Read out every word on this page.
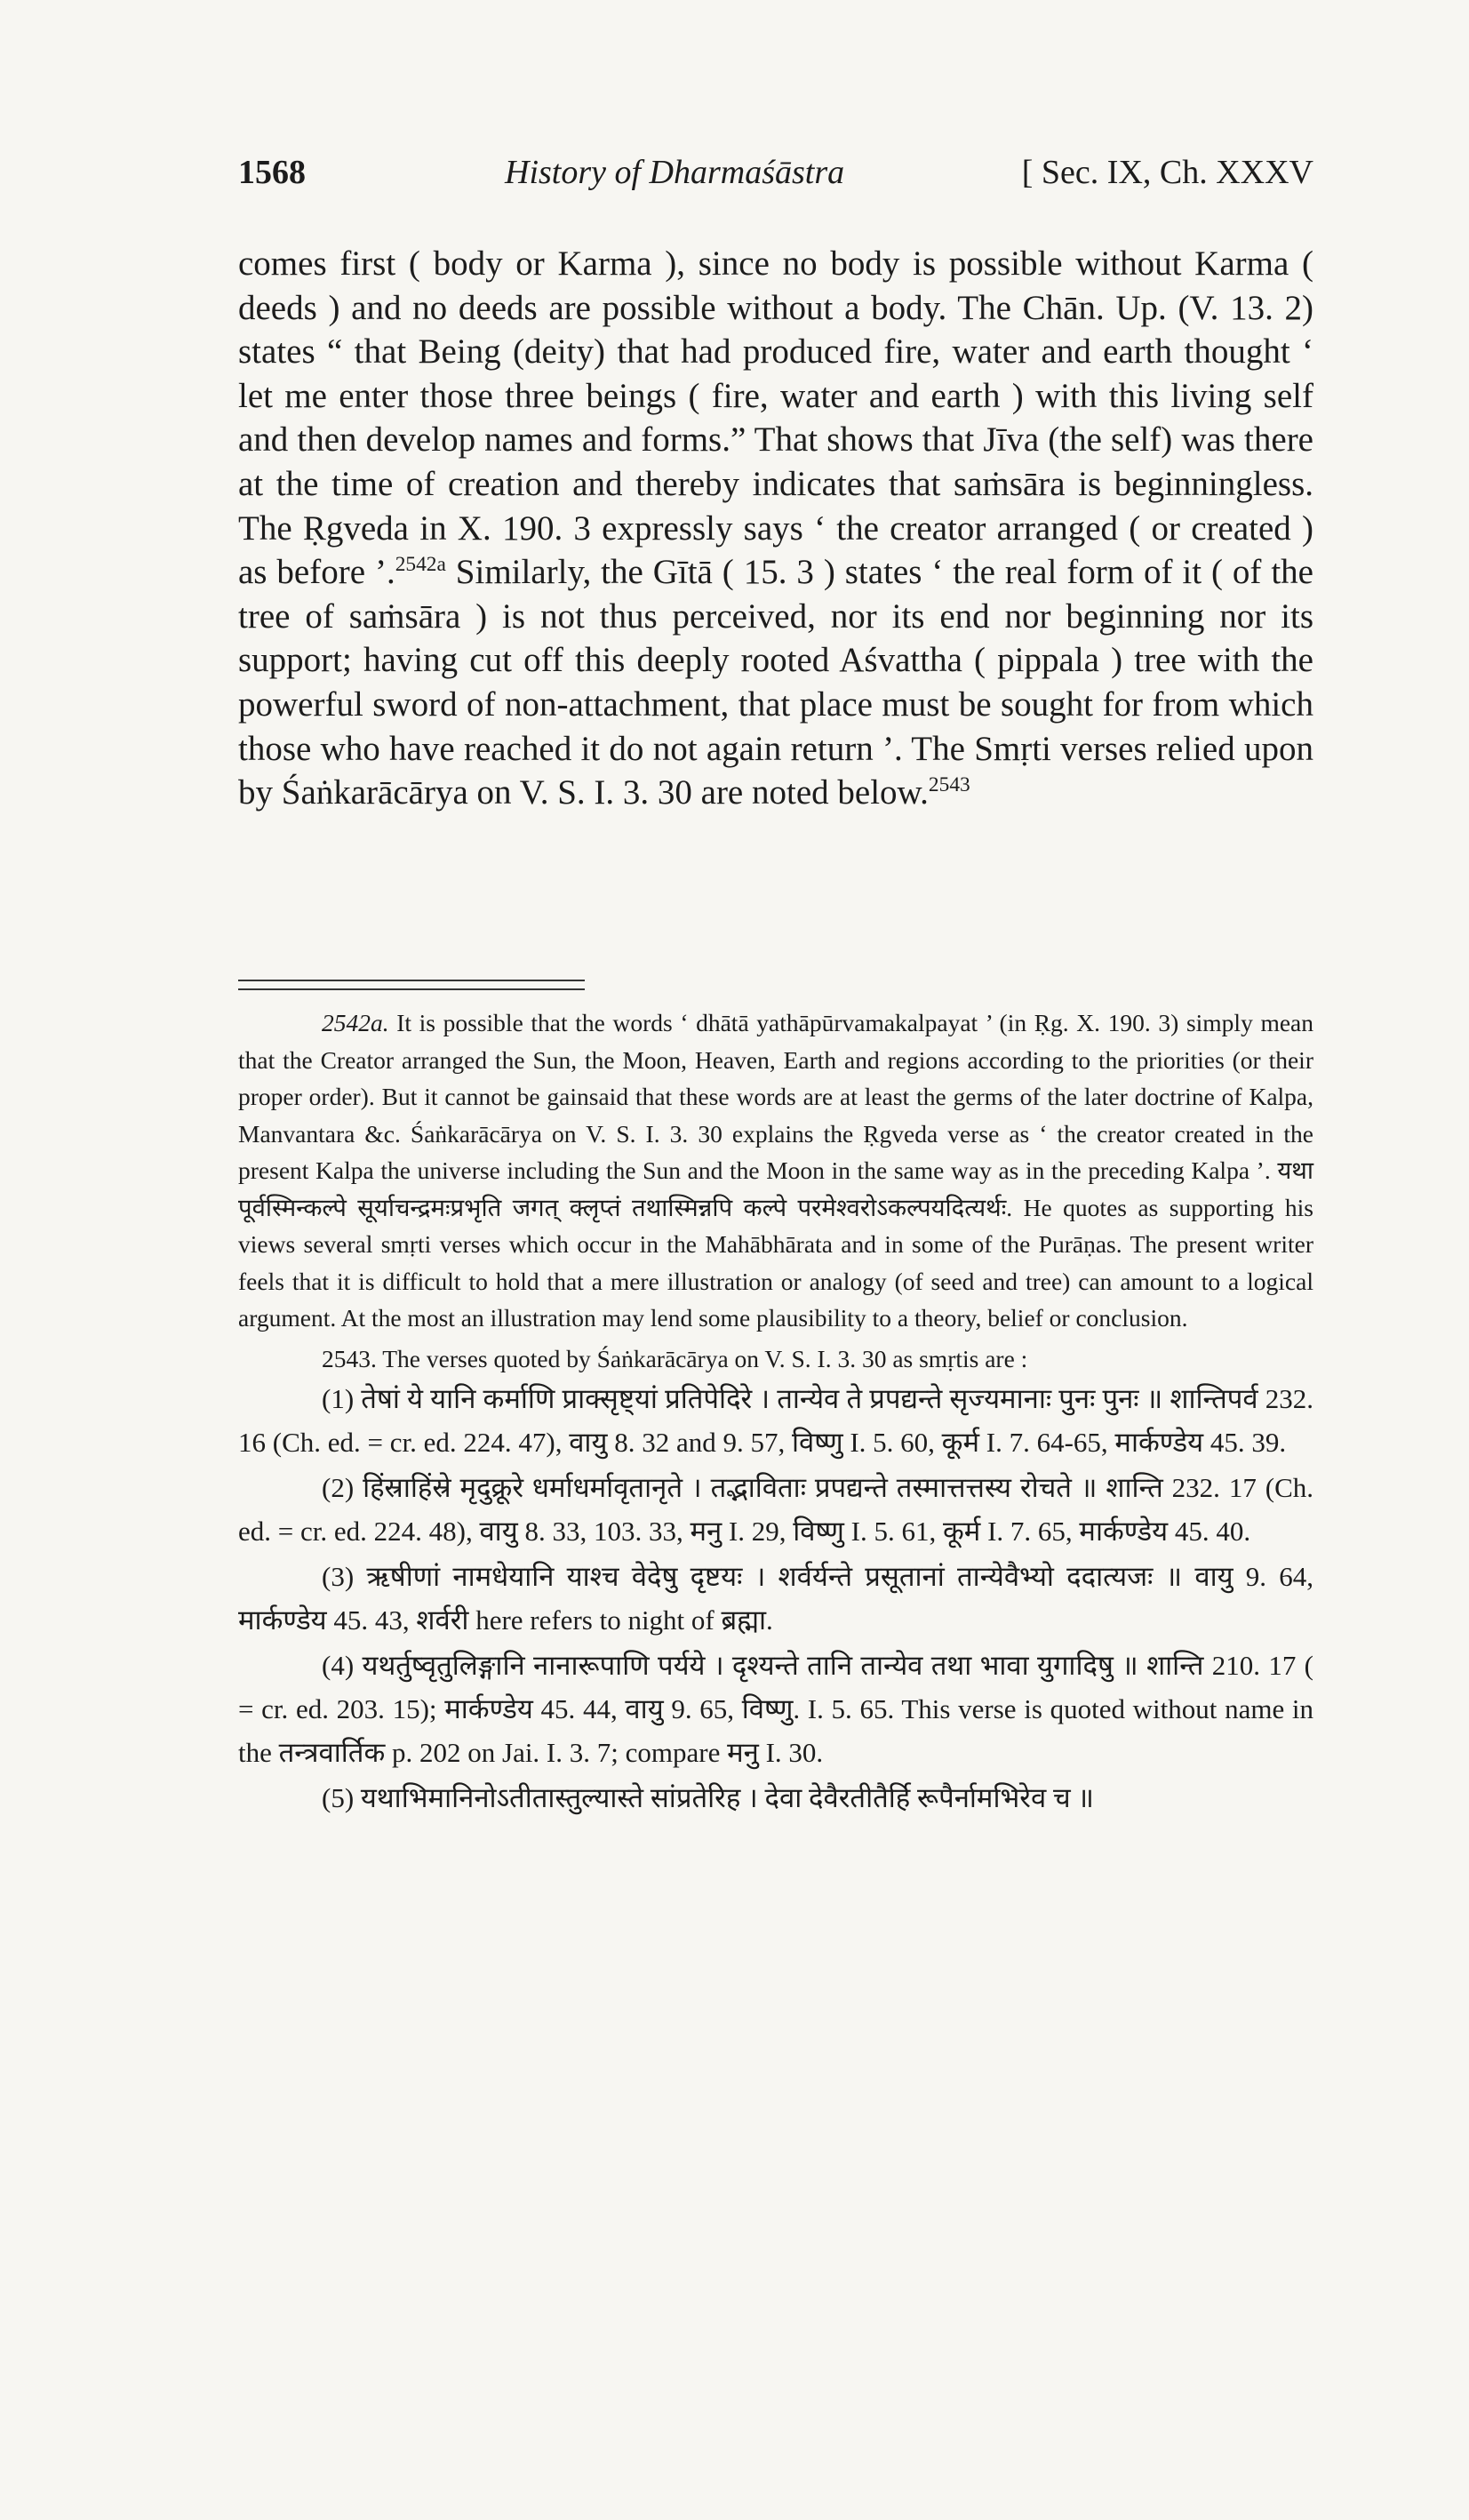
1568	History of Dharmaśāstra	[ Sec. IX, Ch. XXXV

comes first ( body or Karma ), since no body is possible without Karma ( deeds ) and no deeds are possible without a body. The Chān. Up. (V. 13. 2) states “ that Being (deity) that had produced fire, water and earth thought ‘ let me enter those three beings ( fire, water and earth ) with this living self and then develop names and forms.” That shows that Jīva (the self) was there at the time of creation and thereby indicates that saṁsāra is beginningless. The Ṛgveda in X. 190. 3 expressly says ‘ the creator arranged ( or created ) as before ’.$^{2542a}$ Similarly, the Gītā ( 15. 3 ) states ‘ the real form of it ( of the tree of saṁsāra ) is not thus perceived, nor its end nor beginning nor its support; having cut off this deeply rooted Aśvattha ( pippala ) tree with the powerful sword of non-attachment, that place must be sought for from which those who have reached it do not again return ’. The Smṛti verses relied upon by Śaṅkarācārya on V. S. I. 3. 30 are noted below.$^{2543}$

2542a. It is possible that the words ‘ dhātā yathāpūrvamakalpayat ’ (in Ṛg. X. 190. 3) simply mean that the Creator arranged the Sun, the Moon, Heaven, Earth and regions according to the priorities (or their proper order). But it cannot be gainsaid that these words are at least the germs of the later doctrine of Kalpa, Manvantara &c. Śaṅkarācārya on V. S. I. 3. 30 explains the Ṛgveda verse as ‘ the creator created in the present Kalpa the universe including the Sun and the Moon in the same way as in the preceding Kalpa ’. यथा पूर्वस्मिन्कल्पे सूर्याचन्द्रमःप्रभृति जगत् क्लृप्तं तथास्मिन्नपि कल्पे परमेश्वरोऽकल्पयदित्यर्थः. He quotes as supporting his views several smṛti verses which occur in the Mahābhārata and in some of the Purāṇas. The present writer feels that it is difficult to hold that a mere illustration or analogy (of seed and tree) can amount to a logical argument. At the most an illustration may lend some plausibility to a theory, belief or conclusion.

2543. The verses quoted by Śaṅkarācārya on V. S. I. 3. 30 as smṛtis are :

(1) तेषां ये यानि कर्माणि प्राक्सृष्ट्यां प्रतिपेदिरे । तान्येव ते प्रपद्यन्ते सृज्यमानाः पुनः पुनः ॥ शान्तिपर्व 232. 16 (Ch. ed. = cr. ed. 224. 47), वायु 8. 32 and 9. 57, विष्णु I. 5. 60, कूर्म I. 7. 64-65, मार्कण्डेय 45. 39.

(2) हिंस्राहिंस्रे मृदुक्रूरे धर्माधर्मावृतानृते । तद्भाविताः प्रपद्यन्ते तस्मात्तत्तस्य रोचते ॥ शान्ति 232. 17 (Ch. ed. = cr. ed. 224. 48), वायु 8. 33, 103. 33, मनु I. 29, विष्णु I. 5. 61, कूर्म I. 7. 65, मार्कण्डेय 45. 40.

(3) ऋषीणां नामधेयानि याश्च वेदेषु दृष्टयः । शर्वर्यन्ते प्रसूतानां तान्येवैभ्यो ददात्यजः ॥ वायु 9. 64, मार्कण्डेय 45. 43, शर्वरी here refers to night of ब्रह्मा.

(4) यथर्तुष्वृतुलिङ्गानि नानारूपाणि पर्यये । दृश्यन्ते तानि तान्येव तथा भावा युगादिषु ॥ शान्ति 210. 17 ( = cr. ed. 203. 15); मार्कण्डेय 45. 44, वायु 9. 65, विष्णु. I. 5. 65. This verse is quoted without name in the तन्त्रवार्तिक p. 202 on Jai. I. 3. 7; compare मनु I. 30.

(5) यथाभिमानिनोऽतीतास्तुल्यास्ते सांप्रतेरिह । देवा देवैरतीतैर्हि रूपैर्नामभिरेव च ॥
